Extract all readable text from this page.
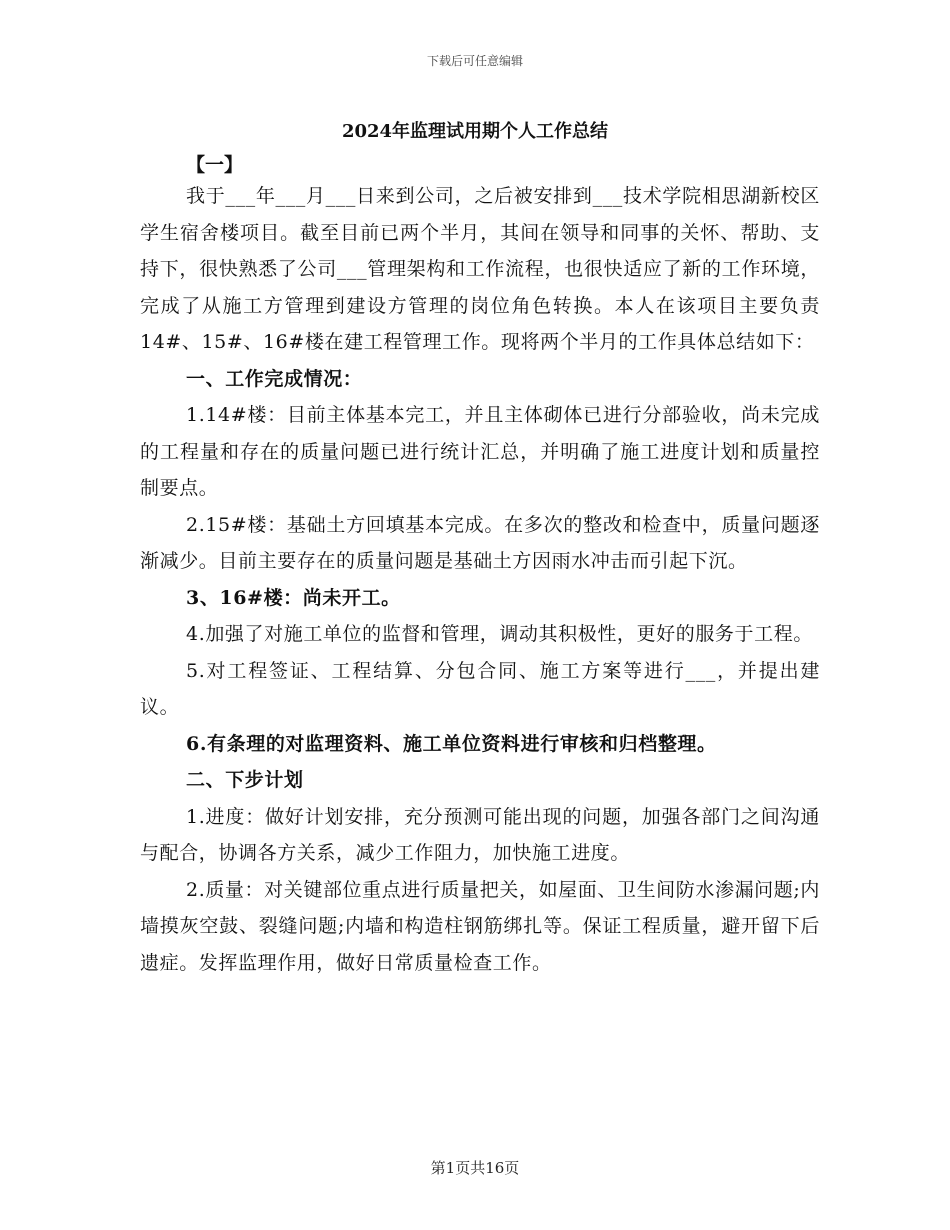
下载后可任意编辑
2024年监理试用期个人工作总结
【一】

我于___年___月___日来到公司，之后被安排到___技术学院相思湖新校区学生宿舍楼项目。截至目前已两个半月，其间在领导和同事的关怀、帮助、支持下，很快熟悉了公司___管理架构和工作流程，也很快适应了新的工作环境，完成了从施工方管理到建设方管理的岗位角色转换。本人在该项目主要负责14#、15#、16#楼在建工程管理工作。现将两个半月的工作具体总结如下：

一、工作完成情况：

1.14#楼：目前主体基本完工，并且主体砌体已进行分部验收，尚未完成的工程量和存在的质量问题已进行统计汇总，并明确了施工进度计划和质量控制要点。

2.15#楼：基础土方回填基本完成。在多次的整改和检查中，质量问题逐渐减少。目前主要存在的质量问题是基础土方因雨水冲击而引起下沉。

3、16#楼：尚未开工。

4.加强了对施工单位的监督和管理，调动其积极性，更好的服务于工程。

5.对工程签证、工程结算、分包合同、施工方案等进行___，并提出建议。

6.有条理的对监理资料、施工单位资料进行审核和归档整理。

二、下步计划

1.进度：做好计划安排，充分预测可能出现的问题，加强各部门之间沟通与配合，协调各方关系，减少工作阻力，加快施工进度。

2.质量：对关键部位重点进行质量把关，如屋面、卫生间防水渗漏问题;内墙摸灰空鼓、裂缝问题;内墙和构造柱钢筋绑扎等。保证工程质量，避开留下后遗症。发挥监理作用，做好日常质量检查工作。

第1页共16页
